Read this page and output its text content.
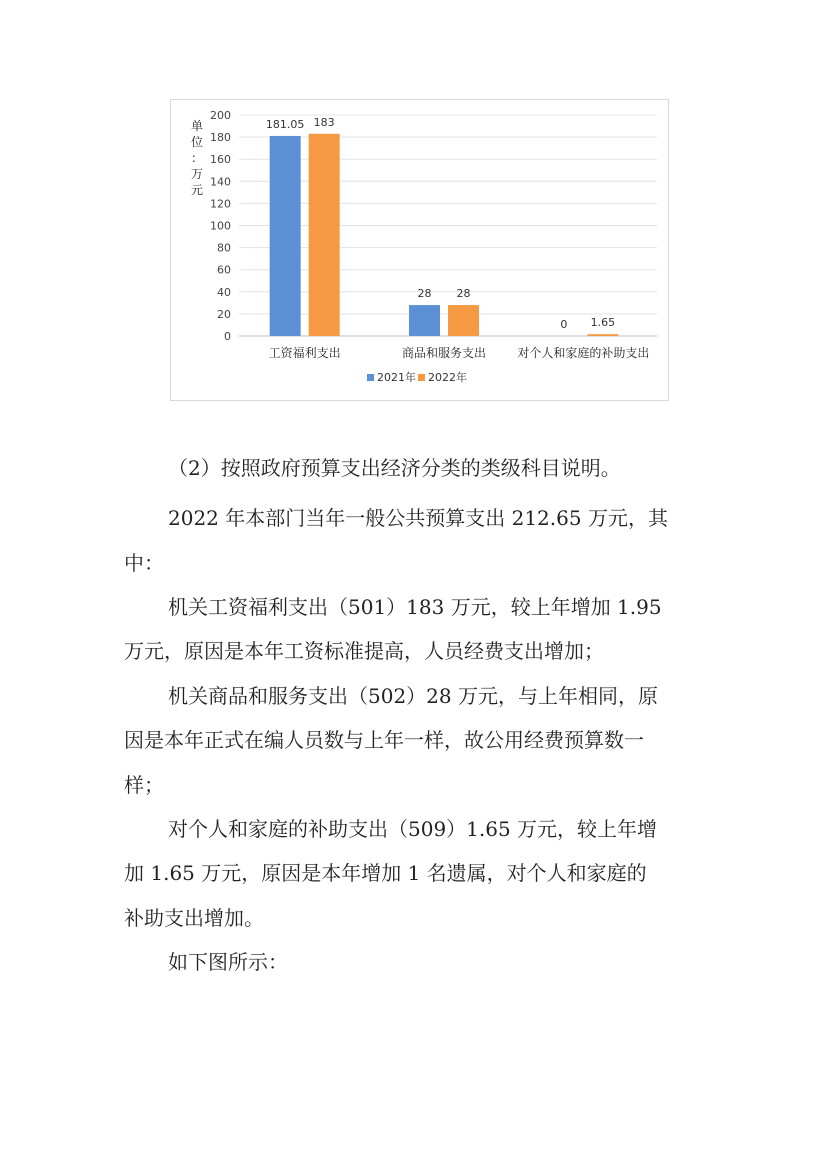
0
20
40
60
80
100
120
140
160
180
200
单
位
：
万
元
181.05 183
工资福利支出
28 28
商品和服务支出
0 1.65
对个人和家庭的补助支出
2021年 2022年

（2）按照政府预算支出经济分类的类级科目说明。

2022 年本部门当年一般公共预算支出 212.65 万元，其

中：

机关工资福利支出（501）183 万元，较上年增加 1.95

万元，原因是本年工资标准提高，人员经费支出增加；

机关商品和服务支出（502）28 万元，与上年相同，原

因是本年正式在编人员数与上年一样，故公用经费预算数一

样；

对个人和家庭的补助支出（509）1.65 万元，较上年增

加 1.65 万元，原因是本年增加 1 名遗属，对个人和家庭的

补助支出增加。

如下图所示：
